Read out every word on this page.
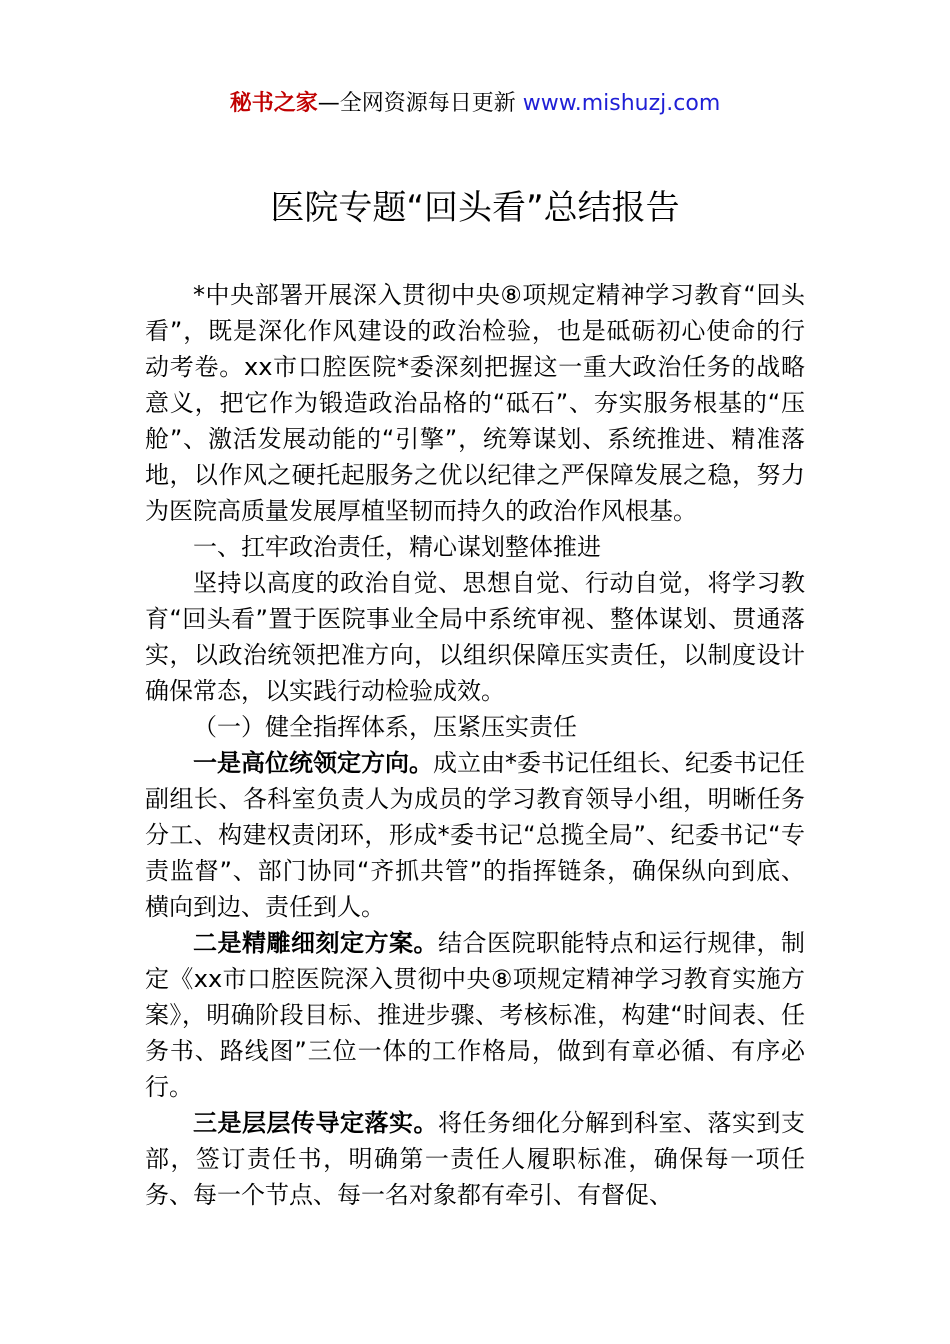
秘书之家—全网资源每日更新 www.mishuzj.com
医院专题“回头看”总结报告

*中央部署开展深入贯彻中央⑧项规定精神学习教育“回头看”，既是深化作风建设的政治检验，也是砥砺初心使命的行动考卷。xx市口腔医院*委深刻把握这一重大政治任务的战略意义，把它作为锻造政治品格的“砥石”、夯实服务根基的“压舱”、激活发展动能的“引擎”，统筹谋划、系统推进、精准落地，以作风之硬托起服务之优以纪律之严保障发展之稳，努力为医院高质量发展厚植坚韧而持久的政治作风根基。

一、扛牢政治责任，精心谋划整体推进

坚持以高度的政治自觉、思想自觉、行动自觉，将学习教育“回头看”置于医院事业全局中系统审视、整体谋划、贯通落实，以政治统领把准方向，以组织保障压实责任，以制度设计确保常态，以实践行动检验成效。

（一）健全指挥体系，压紧压实责任

一是高位统领定方向。成立由*委书记任组长、纪委书记任副组长、各科室负责人为成员的学习教育领导小组，明晰任务分工、构建权责闭环，形成*委书记“总揽全局”、纪委书记“专责监督”、部门协同“齐抓共管”的指挥链条，确保纵向到底、横向到边、责任到人。

二是精雕细刻定方案。结合医院职能特点和运行规律，制定《xx市口腔医院深入贯彻中央⑧项规定精神学习教育实施方案》，明确阶段目标、推进步骤、考核标准，构建“时间表、任务书、路线图”三位一体的工作格局，做到有章必循、有序必行。

三是层层传导定落实。将任务细化分解到科室、落实到支部，签订责任书，明确第一责任人履职标准，确保每一项任务、每一个节点、每一名对象都有牵引、有督促、
